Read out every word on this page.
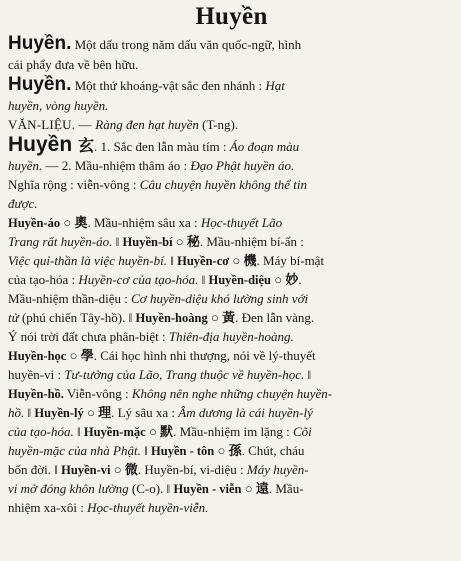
Huyền
Huyền. Một dấu trong năm dấu văn quốc-ngữ, hình
cái phẩy đưa về bên hữu.
Huyền. Một thứ khoáng-vật sắc đen nhánh : Hạt
huyền, vòng huyền.
VĂN-LIỆU. — Ràng đen hạt huyền (T-ng).
Huyền 玄. 1. Sắc đen lẫn màu tím : Áo đoạn màu
huyền. — 2. Mầu-nhiệm thâm áo : Đạo Phật huyền áo.
Nghĩa rộng : viễn-vông : Câu chuyện huyền không thể tin
được.
Huyền-áo ○ 奧. Mầu-nhiệm sâu xa : Học-thuyết Lão
Trang rất huyền-áo. ‖ Huyền-bí ○ 秘. Mầu-nhiệm bí-ẩn :
Việc quỉ-thần là việc huyền-bí. ‖ Huyền-cơ ○ 機. Máy bí-mật
của tạo-hóa : Huyền-cơ của tạo-hóa. ‖ Huyền-diệu ○ 妙.
Mầu-nhiệm thần-diệu : Cơ huyền-diệu khó lường sinh với
tử (phú chiến Tây-hồ). ‖ Huyền-hoàng ○ 黃. Đen lẫn vàng.
Ý nói trời đất chưa phân-biệt : Thiên-địa huyền-hoàng.
Huyền-học ○ 學. Cái học hình nhi thượng, nói về lý-thuyết
huyền-vi : Tư-tưởng của Lão, Trang thuộc về huyền-học. ‖
Huyền-hồ. Viễn-vông : Không nên nghe những chuyện huyền-
hồ. ‖ Huyền-lý ○ 理. Lý sâu xa : Âm dương là cái huyền-lý
của tạo-hóa. ‖ Huyền-mặc ○ 默. Mầu-nhiệm im lặng : Cõi
huyền-mặc của nhà Phật. ‖ Huyền - tôn ○ 孫. Chút, cháu
bốn đời. ‖ Huyền-vi ○ 微. Huyền-bí, vi-diệu : Máy huyền-
vi mở đóng khôn lường (C-o). ‖ Huyền - viễn ○ 遠. Mầu-
nhiệm xa-xôi : Học-thuyết huyền-viễn.
